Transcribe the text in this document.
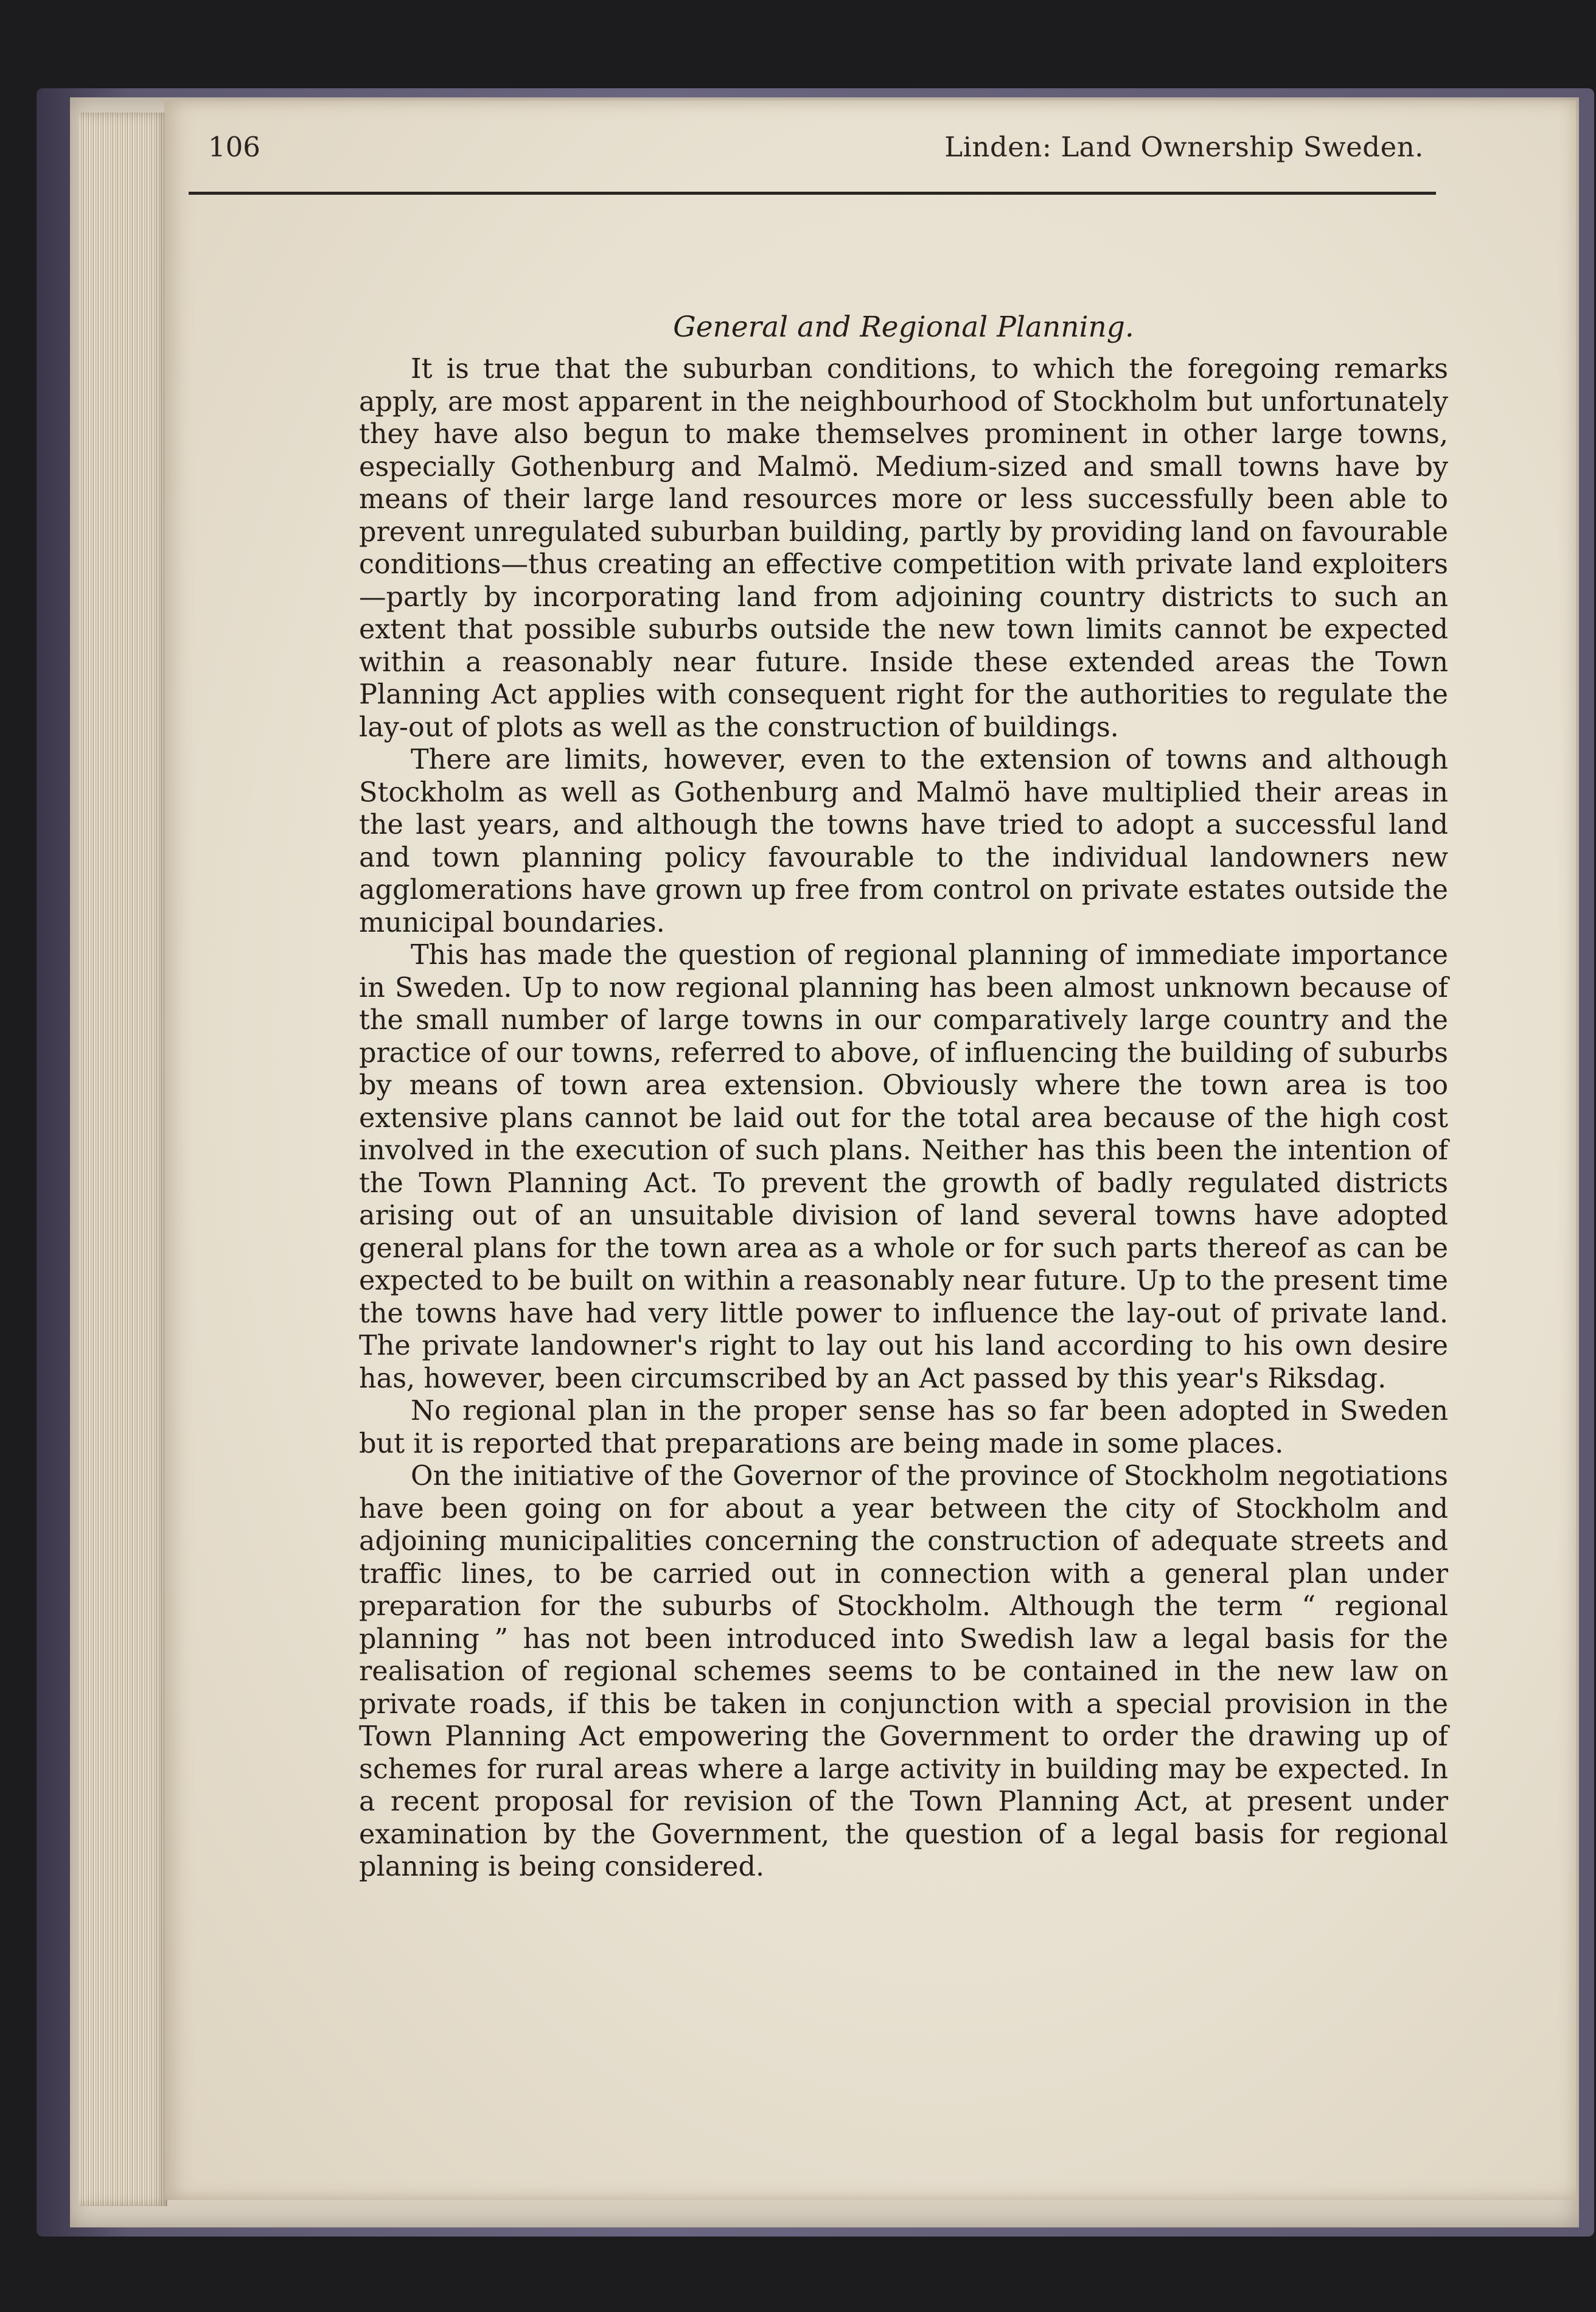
106	Linden: Land Ownership Sweden.
General and Regional Planning.

It is true that the suburban conditions, to which the foregoing remarks apply, are most apparent in the neighbourhood of Stockholm but unfortunately they have also begun to make themselves prominent in other large towns, especially Gothenburg and Malmö. Medium-sized and small towns have by means of their large land resources more or less successfully been able to prevent unregulated suburban building, partly by providing land on favourable conditions—thus creating an effective competition with private land exploiters—partly by incorporating land from adjoining country districts to such an extent that possible suburbs outside the new town limits cannot be expected within a reasonably near future. Inside these extended areas the Town Planning Act applies with consequent right for the authorities to regulate the lay-out of plots as well as the construction of buildings.

There are limits, however, even to the extension of towns and although Stockholm as well as Gothenburg and Malmö have multiplied their areas in the last years, and although the towns have tried to adopt a successful land and town planning policy favourable to the individual landowners new agglomerations have grown up free from control on private estates outside the municipal boundaries.

This has made the question of regional planning of immediate importance in Sweden. Up to now regional planning has been almost unknown because of the small number of large towns in our comparatively large country and the practice of our towns, referred to above, of influencing the building of suburbs by means of town area extension. Obviously where the town area is too extensive plans cannot be laid out for the total area because of the high cost involved in the execution of such plans. Neither has this been the intention of the Town Planning Act. To prevent the growth of badly regulated districts arising out of an unsuitable division of land several towns have adopted general plans for the town area as a whole or for such parts thereof as can be expected to be built on within a reasonably near future. Up to the present time the towns have had very little power to influence the lay-out of private land. The private landowner's right to lay out his land according to his own desire has, however, been circumscribed by an Act passed by this year's Riksdag.

No regional plan in the proper sense has so far been adopted in Sweden but it is reported that preparations are being made in some places.

On the initiative of the Governor of the province of Stockholm negotiations have been going on for about a year between the city of Stockholm and adjoining municipalities concerning the construction of adequate streets and traffic lines, to be carried out in connection with a general plan under preparation for the suburbs of Stockholm. Although the term “ regional planning ” has not been introduced into Swedish law a legal basis for the realisation of regional schemes seems to be contained in the new law on private roads, if this be taken in conjunction with a special provision in the Town Planning Act empowering the Government to order the drawing up of schemes for rural areas where a large activity in building may be expected. In a recent proposal for revision of the Town Planning Act, at present under examination by the Government, the question of a legal basis for regional planning is being considered.
